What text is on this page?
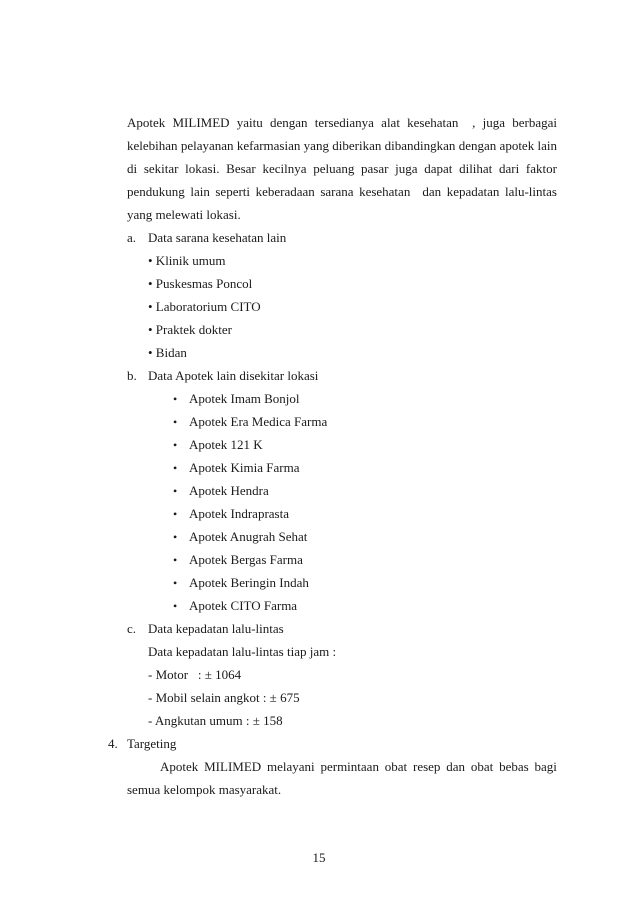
Apotek MILIMED yaitu dengan tersedianya alat kesehatan , juga berbagai
kelebihan pelayanan kefarmasian yang diberikan dibandingkan dengan apotek lain
di sekitar lokasi. Besar kecilnya peluang pasar juga dapat dilihat dari faktor
pendukung lain seperti keberadaan sarana kesehatan dan kepadatan lalu-lintas
yang melewati lokasi.
a. Data sarana kesehatan lain
• Klinik umum
• Puskesmas Poncol
• Laboratorium CITO
• Praktek dokter
• Bidan
b. Data Apotek lain disekitar lokasi
• Apotek Imam Bonjol
• Apotek Era Medica Farma
• Apotek 121 K
• Apotek Kimia Farma
• Apotek Hendra
• Apotek Indraprasta
• Apotek Anugrah Sehat
• Apotek Bergas Farma
• Apotek Beringin Indah
• Apotek CITO Farma
c. Data kepadatan lalu-lintas
Data kepadatan lalu-lintas tiap jam :
- Motor   : ± 1064
- Mobil selain angkot : ± 675
- Angkutan umum : ± 158
4. Targeting
Apotek MILIMED melayani permintaan obat resep dan obat bebas bagi
semua kelompok masyarakat.
15
